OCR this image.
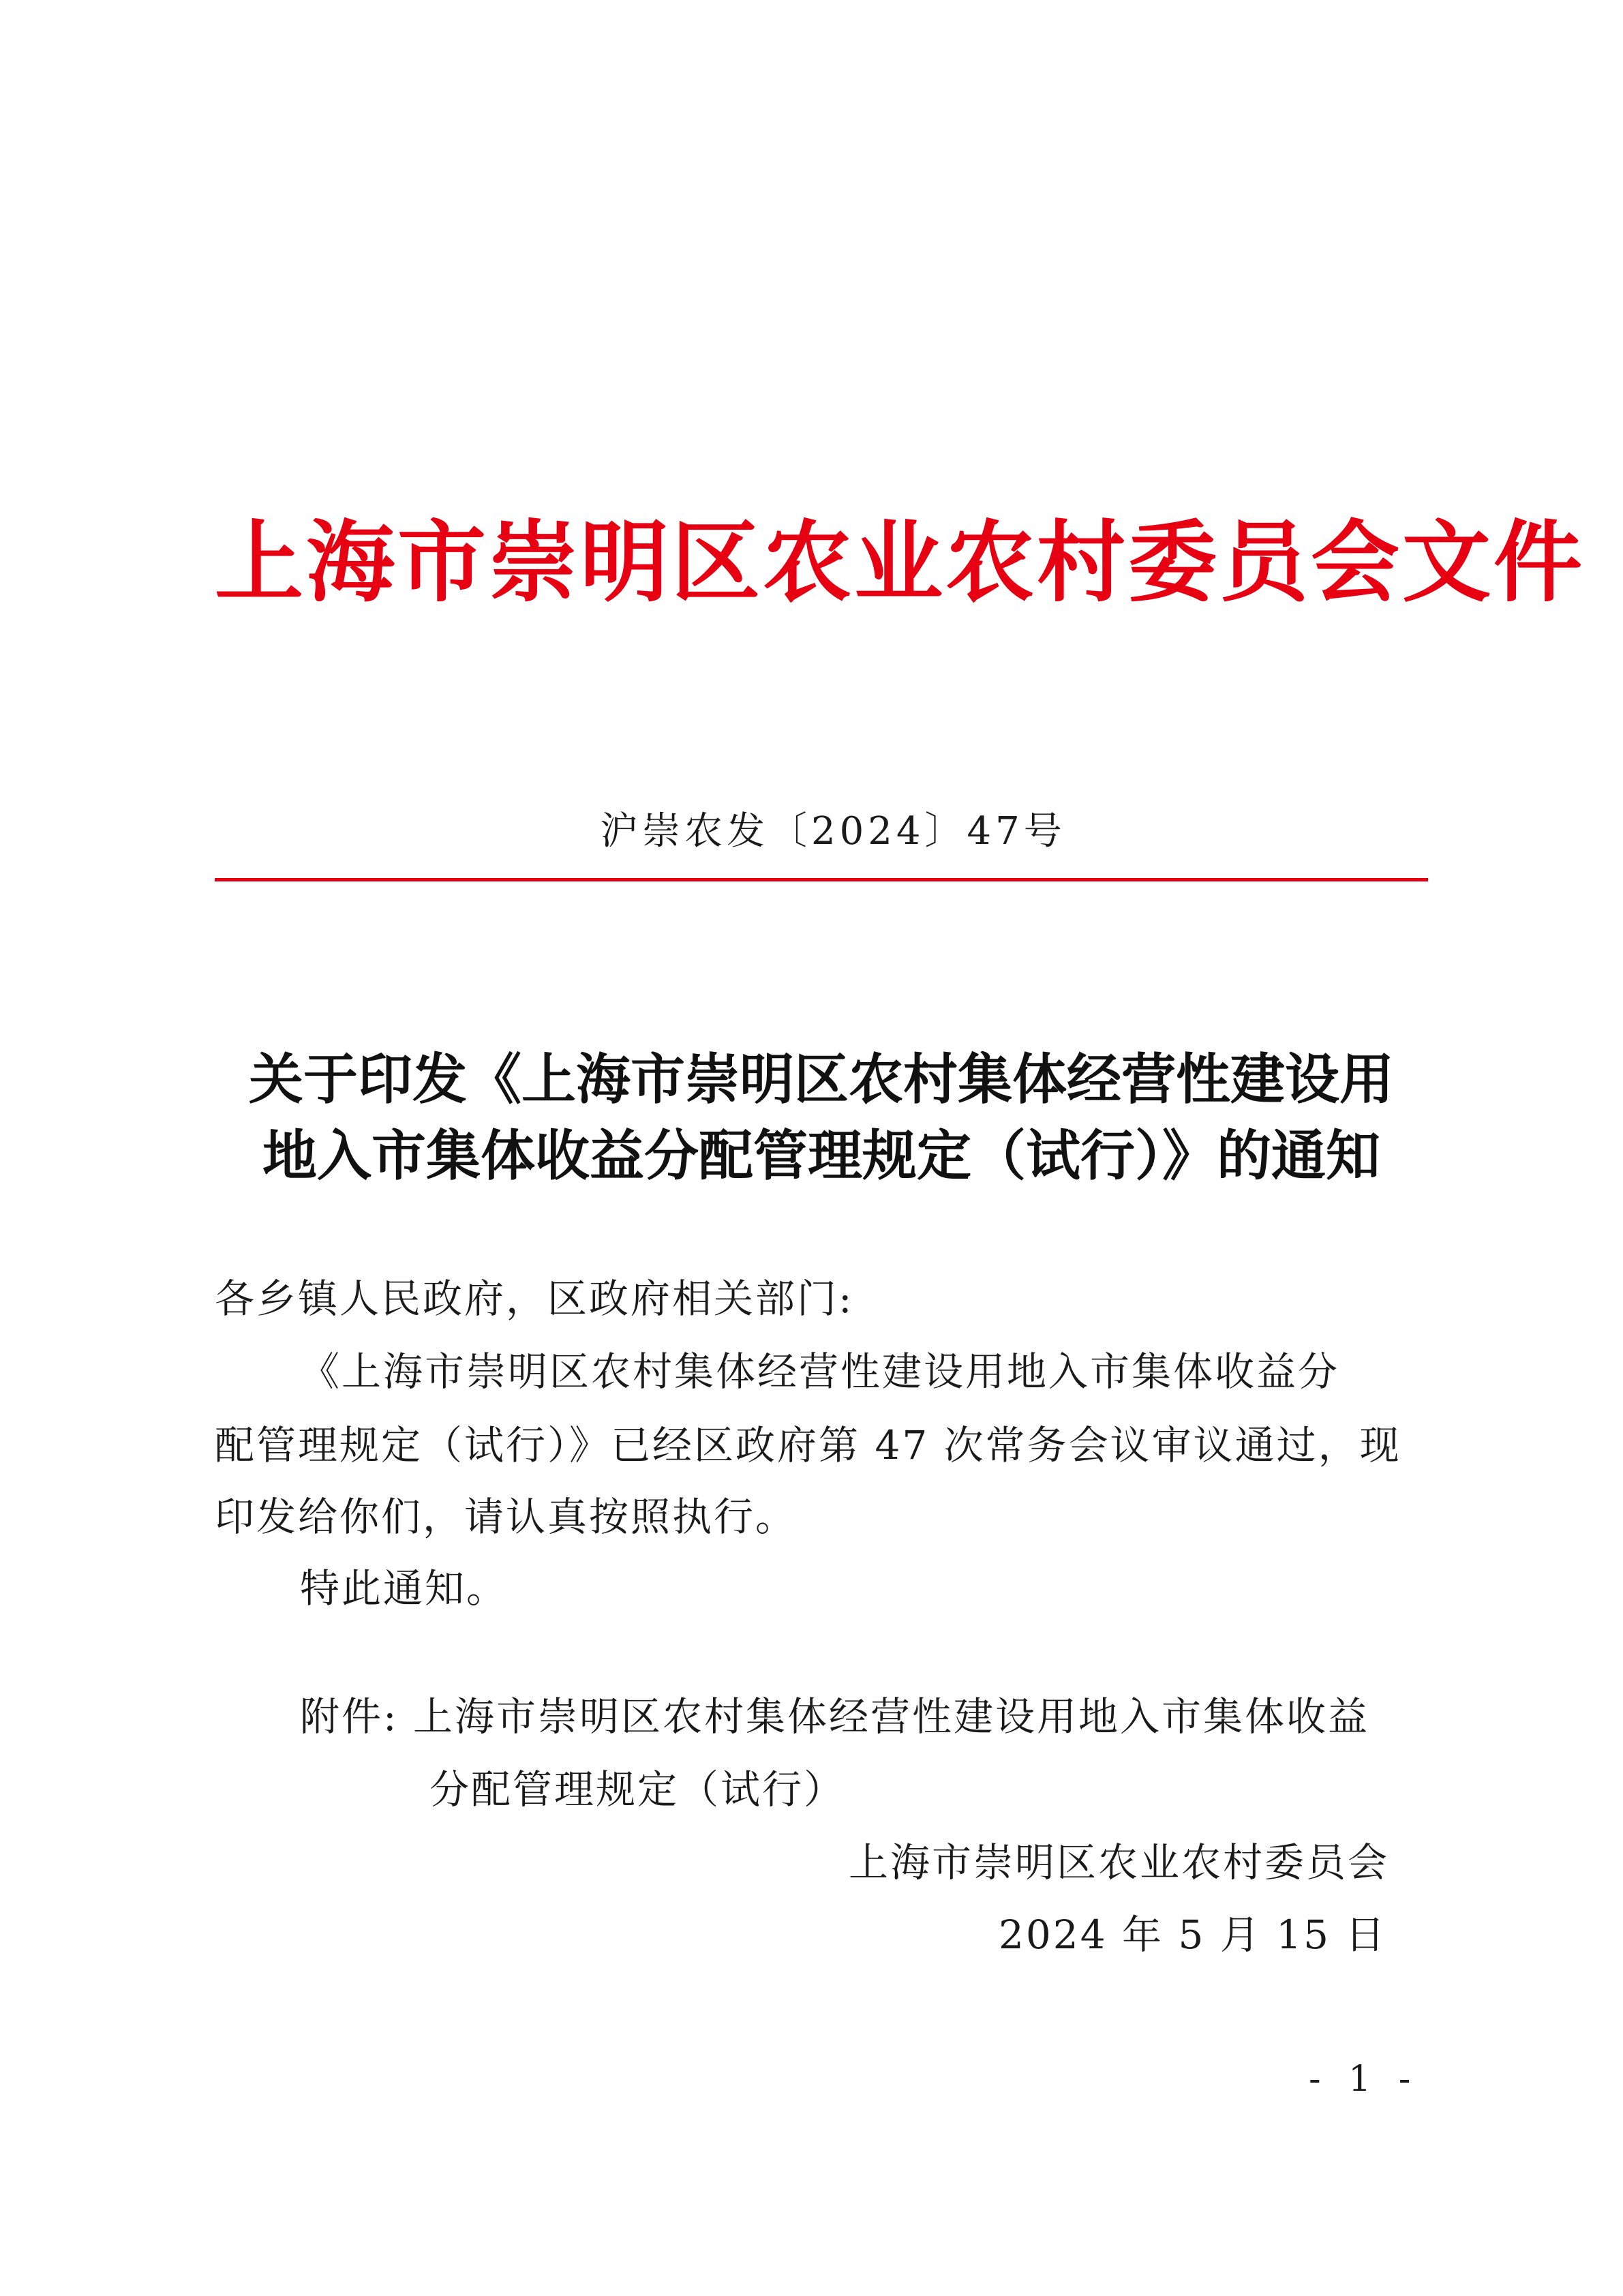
上海市崇明区农业农村委员会文件
沪崇农发〔2024〕47号
关于印发《上海市崇明区农村集体经营性建设用
地入市集体收益分配管理规定（试行）》的通知
各乡镇人民政府，区政府相关部门:
《上海市崇明区农村集体经营性建设用地入市集体收益分
配管理规定（试行）》已经区政府第 47 次常务会议审议通过，现
印发给你们，请认真按照执行。
特此通知。
附件: 上海市崇明区农村集体经营性建设用地入市集体收益
分配管理规定（试行）
上海市崇明区农业农村委员会
2024 年 5 月 15 日
- 1 -
